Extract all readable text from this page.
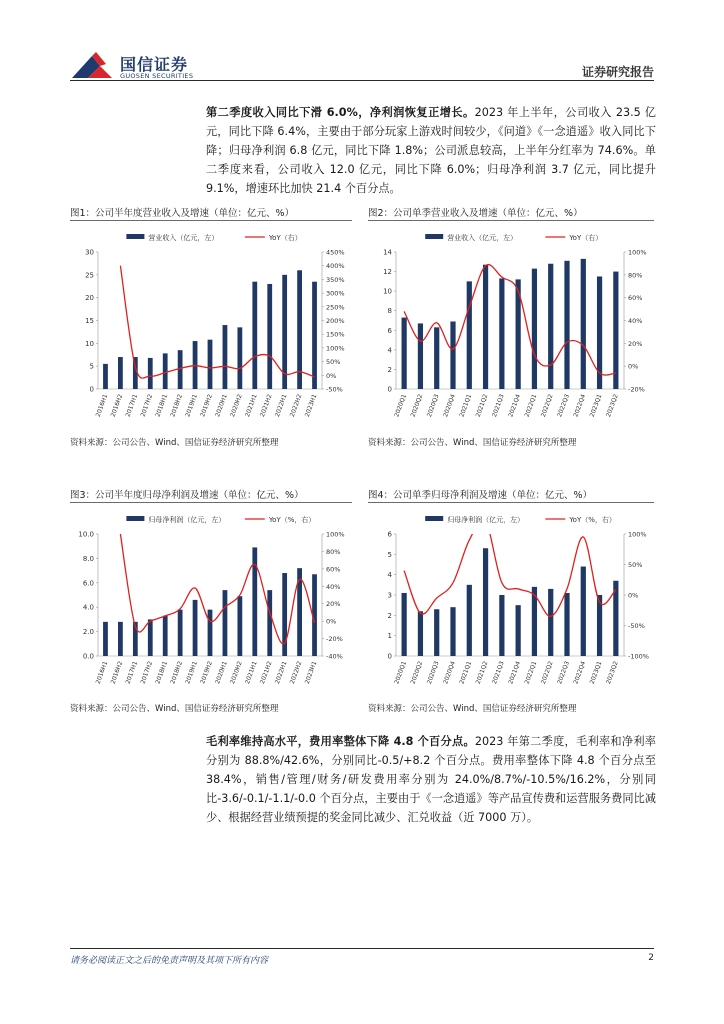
国信证券
GUOSEN SECURITIES	证券研究报告
第二季度收入同比下滑 6.0%，净利润恢复正增长。2023 年上半年，公司收入 23.5 亿元，同比下降 6.4%，主要由于部分玩家上游戏时间较少，《问道》《一念逍遥》收入同比下降；归母净利润 6.8 亿元，同比下降 1.8%；公司派息较高，上半年分红率为 74.6%。单二季度来看，公司收入 12.0 亿元，同比下降 6.0%；归母净利润 3.7 亿元，同比提升 9.1%，增速环比加快 21.4 个百分点。
图1：公司半年度营业收入及增速（单位：亿元、%）	图2：公司单季营业收入及增速（单位：亿元、%）
资料来源：公司公告、Wind、国信证券经济研究所整理	资料来源：公司公告、Wind、国信证券经济研究所整理
图3：公司半年度归母净利润及增速（单位：亿元、%）	图4：公司单季归母净利润及增速（单位：亿元、%）
资料来源：公司公告、Wind、国信证券经济研究所整理	资料来源：公司公告、Wind、国信证券经济研究所整理
营业收入（亿元，左）	YoY（右）
0
5
10
15
20
25
30
-50%
0%
50%
100%
150%
200%
250%
300%
350%
400%
450%
2016H1 2016H2 2017H1 2017H2 2018H1 2018H2 2019H1 2019H2 2020H1 2020H2 2021H1 2021H2 2022H1 2022H2 2023H1
营业收入（亿元，左）	YoY（右）
0
2
4
6
8
10
12
14
-20%
0%
20%
40%
60%
80%
100%
2020Q1 2020Q2 2020Q3 2020Q4 2021Q1 2021Q2 2021Q3 2021Q4 2022Q1 2022Q2 2022Q3 2022Q4 2023Q1 2023Q2
归母净利润（亿元，左）	YoY（%，右）
0.0
2.0
4.0
6.0
8.0
10.0
-40%
-20%
0%
20%
40%
60%
80%
100%
2016H1 2016H2 2017H1 2017H2 2018H1 2018H2 2019H1 2019H2 2020H1 2020H2 2021H1 2021H2 2022H1 2022H2 2023H1
归母净利润（亿元，左）	YoY（%，右）
0
1
2
3
4
5
6
-100%
-50%
0%
50%
100%
2020Q1 2020Q2 2020Q3 2020Q4 2021Q1 2021Q2 2021Q3 2021Q4 2022Q1 2022Q2 2022Q3 2022Q4 2023Q1 2023Q2
毛利率维持高水平，费用率整体下降 4.8 个百分点。2023 年第二季度，毛利率和净利率分别为 88.8%/42.6%，分别同比-0.5/+8.2 个百分点。费用率整体下降 4.8 个百分点至 38.4%，销售/管理/财务/研发费用率分别为 24.0%/8.7%/-10.5%/16.2%，分别同比-3.6/-0.1/-1.1/-0.0 个百分点，主要由于《一念逍遥》等产品宣传费和运营服务费同比减少、根据经营业绩预提的奖金同比减少、汇兑收益（近 7000 万）。
请务必阅读正文之后的免责声明及其项下所有内容	2
